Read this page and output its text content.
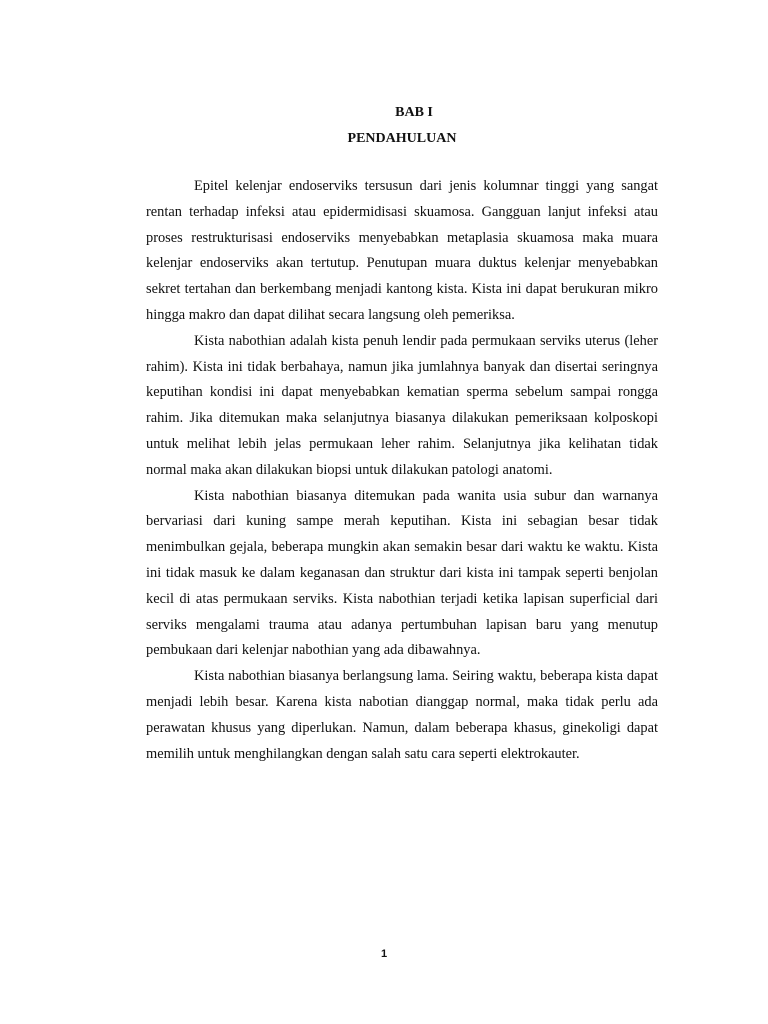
BAB I
PENDAHULUAN

Epitel kelenjar endoserviks tersusun dari jenis kolumnar tinggi yang sangat rentan terhadap infeksi atau epidermidisasi skuamosa. Gangguan lanjut infeksi atau proses restrukturisasi endoserviks menyebabkan metaplasia skuamosa maka muara kelenjar endoserviks akan tertutup. Penutupan muara duktus kelenjar menyebabkan sekret tertahan dan berkembang menjadi kantong kista. Kista ini dapat berukuran mikro hingga makro dan dapat dilihat secara langsung oleh pemeriksa.

Kista nabothian adalah kista penuh lendir pada permukaan serviks uterus (leher rahim). Kista ini tidak berbahaya, namun jika jumlahnya banyak dan disertai seringnya keputihan kondisi ini dapat menyebabkan kematian sperma sebelum sampai rongga rahim. Jika ditemukan maka selanjutnya biasanya dilakukan pemeriksaan kolposkopi untuk melihat lebih jelas permukaan leher rahim. Selanjutnya jika kelihatan tidak normal maka akan dilakukan biopsi untuk dilakukan patologi anatomi.

Kista nabothian biasanya ditemukan pada wanita usia subur dan warnanya bervariasi dari kuning sampe merah keputihan. Kista ini sebagian besar tidak menimbulkan gejala, beberapa mungkin akan semakin besar dari waktu ke waktu. Kista ini tidak masuk ke dalam keganasan dan struktur dari kista ini tampak seperti benjolan kecil di atas permukaan serviks. Kista nabothian terjadi ketika lapisan superficial dari serviks mengalami trauma atau adanya pertumbuhan lapisan baru yang menutup pembukaan dari kelenjar nabothian yang ada dibawahnya.

Kista nabothian biasanya berlangsung lama. Seiring waktu, beberapa kista dapat menjadi lebih besar. Karena kista nabotian dianggap normal, maka tidak perlu ada perawatan khusus yang diperlukan. Namun, dalam beberapa khasus, ginekoligi dapat memilih untuk menghilangkan dengan salah satu cara seperti elektrokauter.

1
